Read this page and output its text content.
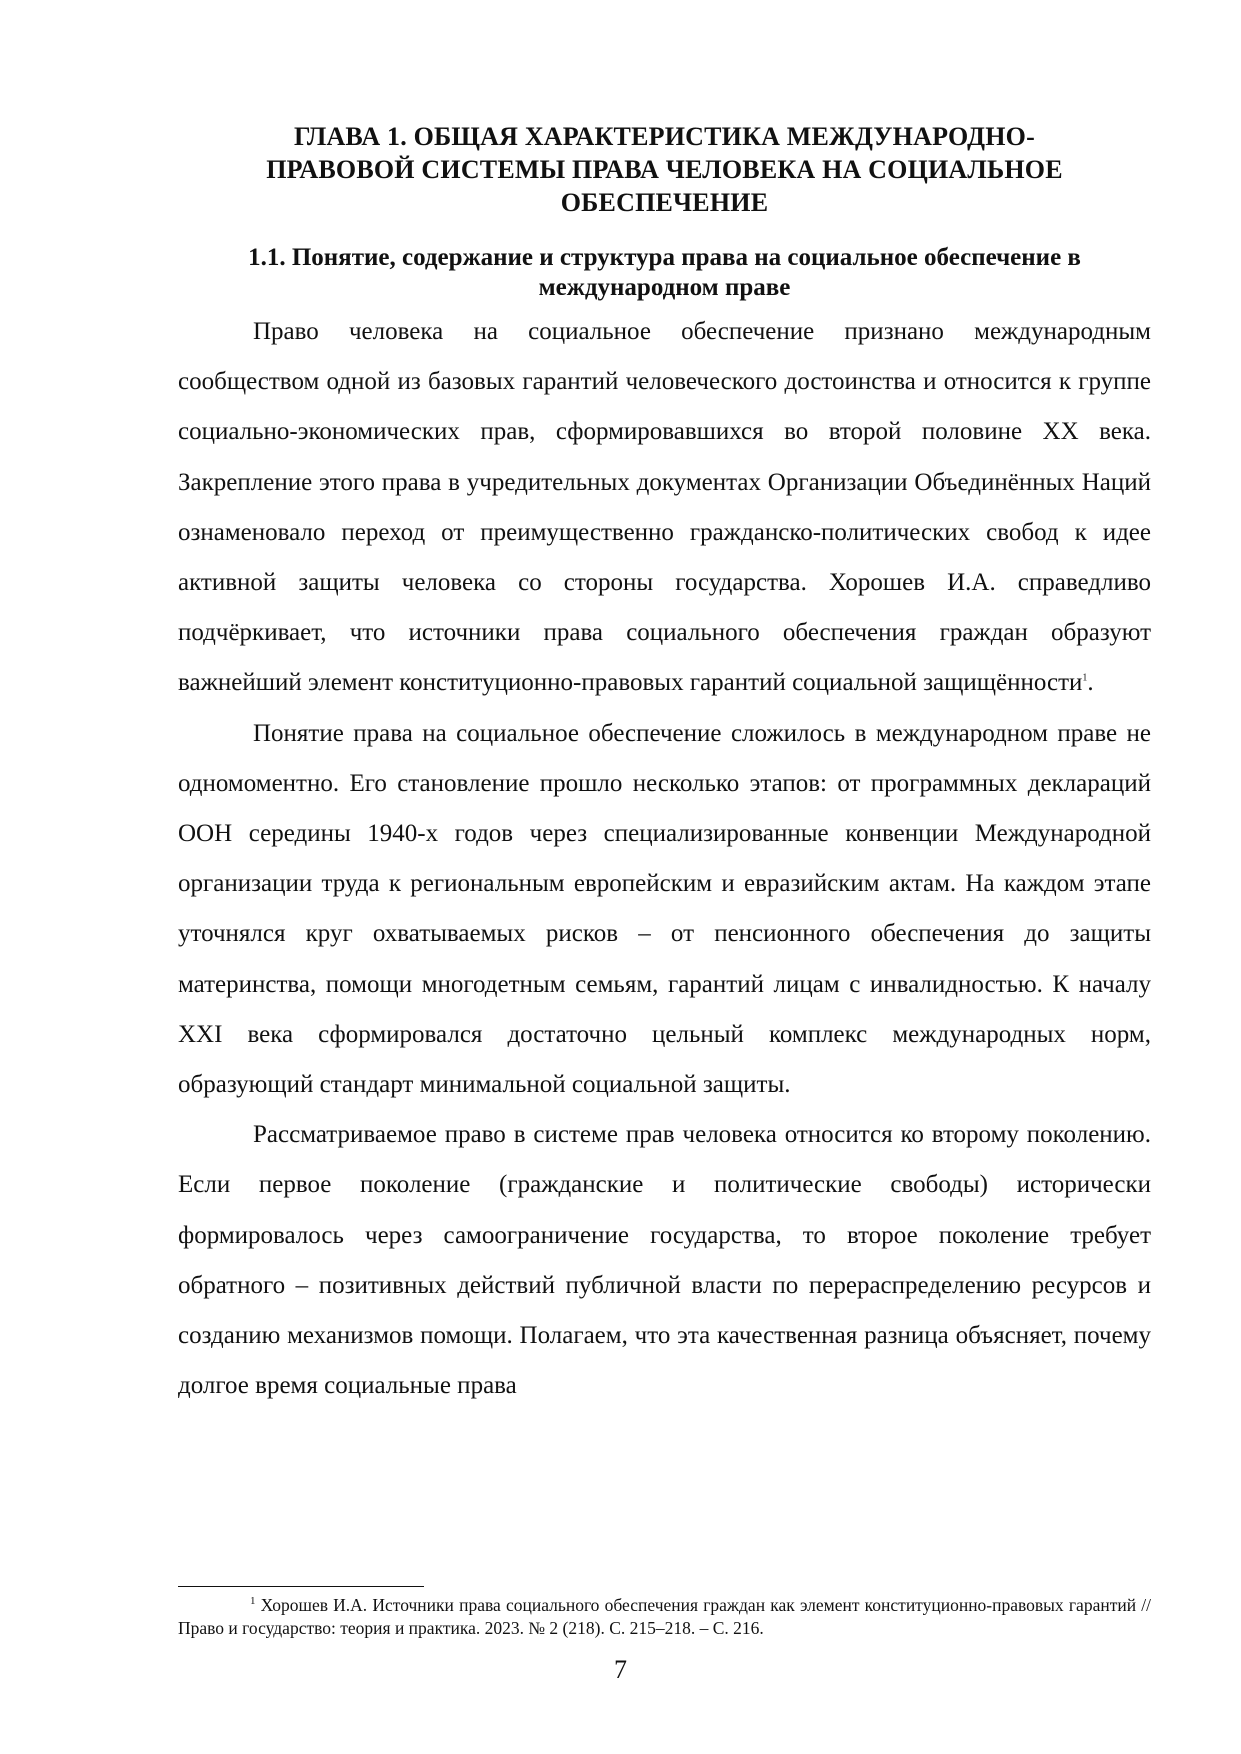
ГЛАВА 1. ОБЩАЯ ХАРАКТЕРИСТИКА МЕЖДУНАРОДНО-
ПРАВОВОЙ СИСТЕМЫ ПРАВА ЧЕЛОВЕКА НА СОЦИАЛЬНОЕ
ОБЕСПЕЧЕНИЕ
1.1. Понятие, содержание и структура права на социальное обеспечение в международном праве

Право человека на социальное обеспечение признано международным сообществом одной из базовых гарантий человеческого достоинства и относится к группе социально-экономических прав, сформировавшихся во второй половине XX века. Закрепление этого права в учредительных документах Организации Объединённых Наций ознаменовало переход от преимущественно гражданско-политических свобод к идее активной защиты человека со стороны государства. Хорошев И.А. справедливо подчёркивает, что источники права социального обеспечения граждан образуют важнейший элемент конституционно-правовых гарантий социальной защищённости$^1$.

Понятие права на социальное обеспечение сложилось в международном праве не одномоментно. Его становление прошло несколько этапов: от программных деклараций ООН середины 1940-х годов через специализированные конвенции Международной организации труда к региональным европейским и евразийским актам. На каждом этапе уточнялся круг охватываемых рисков – от пенсионного обеспечения до защиты материнства, помощи многодетным семьям, гарантий лицам с инвалидностью. К началу XXI века сформировался достаточно цельный комплекс международных норм, образующий стандарт минимальной социальной защиты.

Рассматриваемое право в системе прав человека относится ко второму поколению. Если первое поколение (гражданские и политические свободы) исторически формировалось через самоограничение государства, то второе поколение требует обратного – позитивных действий публичной власти по перераспределению ресурсов и созданию механизмов помощи. Полагаем, что эта качественная разница объясняет, почему долгое время социальные права

$^1$ Хорошев И.А. Источники права социального обеспечения граждан как элемент конституционно-правовых гарантий // Право и государство: теория и практика. 2023. № 2 (218). С. 215–218. – С. 216.
7
